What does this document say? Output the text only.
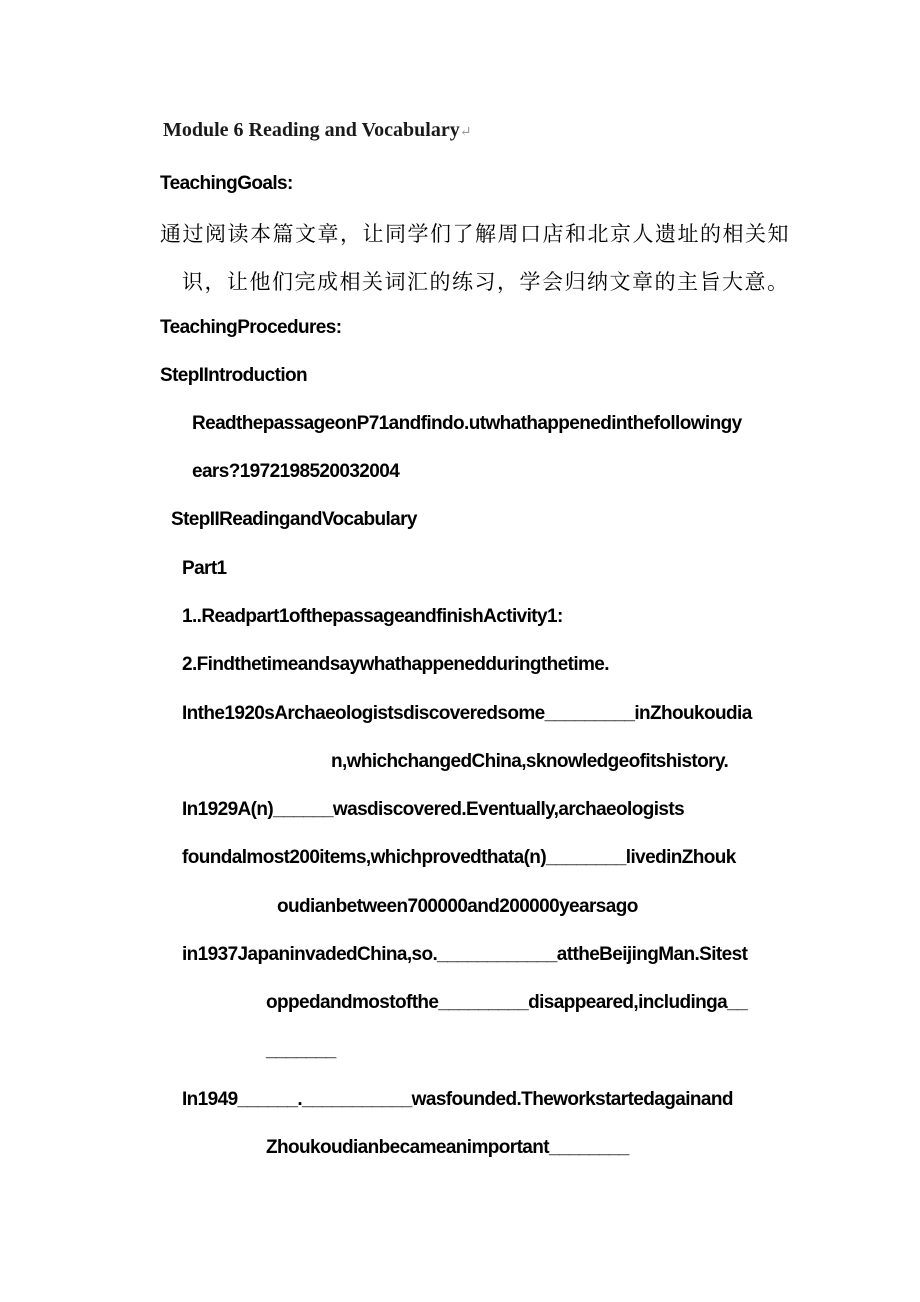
Module 6 Reading and Vocabulary↵
TeachingGoals:
通过阅读本篇文章，让同学们了解周口店和北京人遗址的相关知
识，让他们完成相关词汇的练习，学会归纳文章的主旨大意。
TeachingProcedures:
StepIIntroduction
ReadthepassageonP71andfindo.utwhathappenedinthefollowingy
ears?1972198520032004
StepIIReadingandVocabulary
Part1
1..Readpart1ofthepassageandfinishActivity1:
2.Findthetimeandsaywhathappenedduringthetime.
Inthe1920sArchaeologistsdiscoveredsome_________inZhoukoudia
n,whichchangedChina,sknowledgeofitshistory.
In1929A(n)______wasdiscovered.Eventually,archaeologists
foundalmost200items,whichprovedthata(n)________livedinZhouk
oudianbetween700000and200000yearsago
in1937JapaninvadedChina,so.____________attheBeijingMan.Sitest
oppedandmostofthe_________disappeared,includinga__
_______
In1949______.___________wasfounded.Theworkstartedagainand
Zhoukoudianbecameanimportant________
